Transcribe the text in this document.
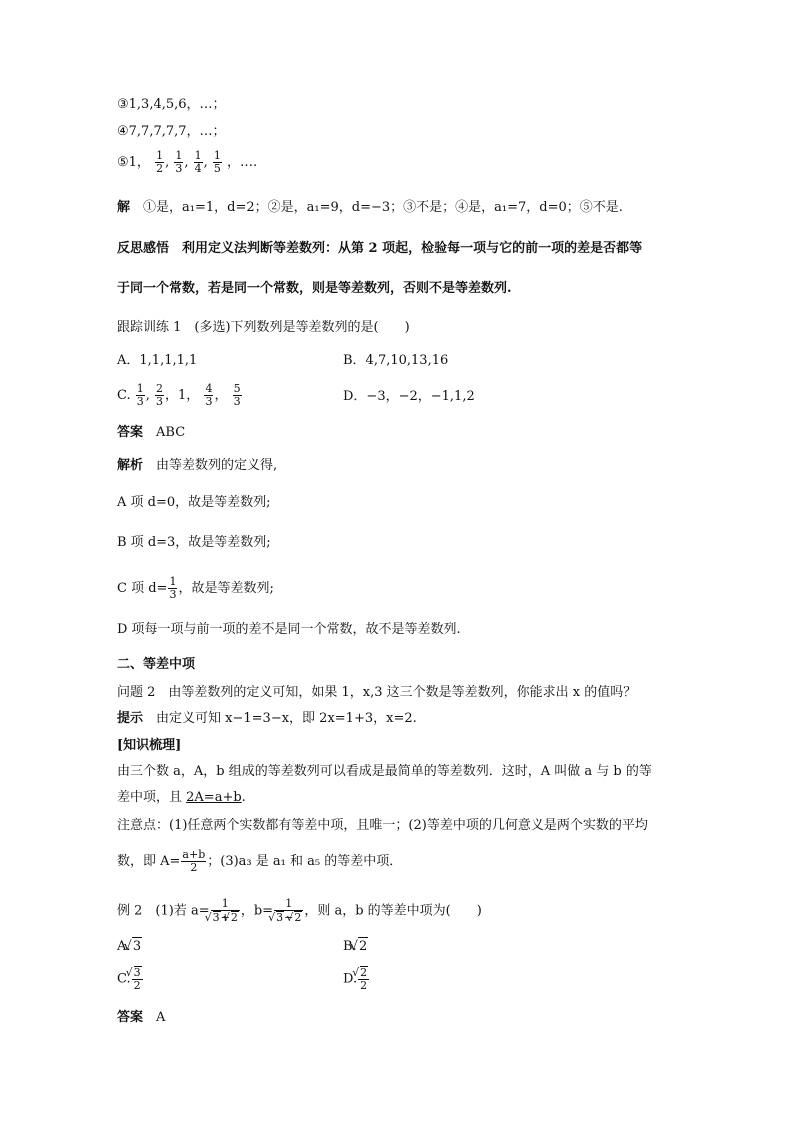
③1,3,4,5,6，…；
④7,7,7,7,7，…；
⑤1， $\frac{1}{2}$ , $\frac{1}{3}$ , $\frac{1}{4}$ , $\frac{1}{5}$ ，….
解　 ①是，a₁=1，d=2；②是，a₁=9，d=−3；③不是；④是，a₁=7，d=0；⑤不是.
反思感悟　 利用定义法判断等差数列：从第 2 项起，检验每一项与它的前一项的差是否都等
于同一个常数，若是同一个常数，则是等差数列，否则不是等差数列.
跟踪训练 1　(多选)下列数列是等差数列的是(　　)
A．1,1,1,1,1	B．4,7,10,13,16
C. $\frac{1}{3}$ , $\frac{2}{3}$ ，1， $\frac{4}{3}$ ， $\frac{5}{3}$	D．−3，−2，−1,1,2
答案　 ABC
解析　 由等差数列的定义得,
A 项 d=0，故是等差数列;
B 项 d=3，故是等差数列;
C 项 $d= \frac{1}{3}$ ，故是等差数列;
D 项每一项与前一项的差不是同一个常数，故不是等差数列.
二、等差中项
问题 2　由等差数列的定义可知，如果 1，x,3 这三个数是等差数列，你能求出 x 的值吗？
提示　 由定义可知 x−1=3−x，即 2x=1+3，x=2.
[知识梳理]
由三个数 a，A，b 组成的等差数列可以看成是最简单的等差数列．这时，A 叫做 a 与 b 的等
差中项，且 2A=a+b.
注意点：(1)任意两个实数都有等差中项，且唯一；(2)等差中项的几何意义是两个实数的平均
数，即 $A= \frac{a+b}{2}$ ；(3)a₃ 是 a₁ 和 a₅ 的等差中项．
例 2　(1)若 a= 1
√ 3+√ 2 ，b= 1
√ 3−√ 2 ，则 a，b 的等差中项为(　　)
A. √ 3	B. √ 2
C. √ $\frac{3}{2}$	D. √ $\frac{2}{2}$
答案　 A
